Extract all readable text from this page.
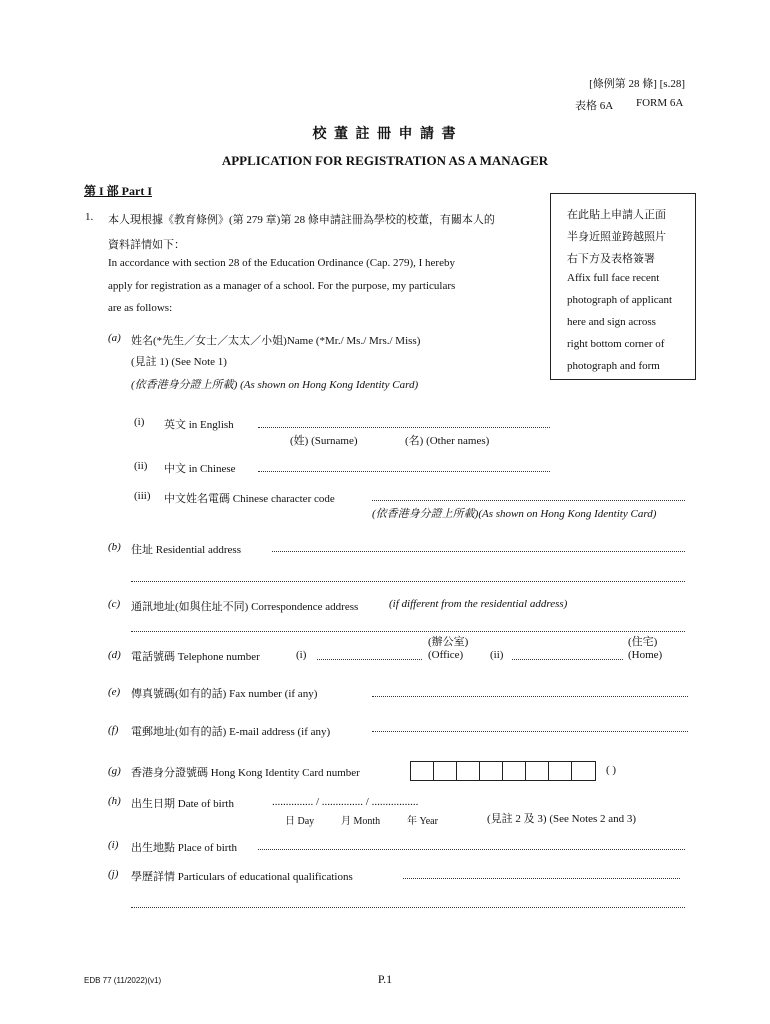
[條例第 28 條] [s.28]
表格 6A FORM 6A
校 董 註 冊 申 請 書
APPLICATION FOR REGISTRATION AS A MANAGER
第 I 部 Part I
1. 本人現根據《教育條例》(第 279 章)第 28 條申請註冊為學校的校董，有關本人的
資料詳情如下：
In accordance with section 28 of the Education Ordinance (Cap. 279), I hereby
apply for registration as a manager of a school. For the purpose, my particulars
are as follows:
在此貼上申請人正面
半身近照並跨越照片
右下方及表格簽署
Affix full face recent
photograph of applicant
here and sign across
right bottom corner of
photograph and form
(a) 姓名(*先生／女士／太太／小姐)Name (*Mr./ Ms./ Mrs./ Miss)
(見註 1) (See Note 1)
(依香港身分證上所載) (As shown on Hong Kong Identity Card)
(i) 英文 in English
(姓) (Surname)	(名) (Other names)
(ii) 中文 in Chinese
(iii) 中文姓名電碼 Chinese character code
(依香港身分證上所載)(As shown on Hong Kong Identity Card)
(b) 住址 Residential address
(c) 通訊地址(如與住址不同) Correspondence address	(if different from the residential address)
(辦公室)	(住宅)
(d) 電話號碼 Telephone number	(i)	(Office) (ii)	(Home)
(e) 傳真號碼(如有的話) Fax number (if any)
(f) 電郵地址(如有的話) E-mail address (if any)
(g) 香港身分證號碼 Hong Kong Identity Card number	( )
(h) 出生日期 Date of birth	............... / ............... / .................
日 Day	月 Month	年 Year	(見註 2 及 3) (See Notes 2 and 3)
(i) 出生地點 Place of birth
(j) 學歷詳情 Particulars of educational qualifications
EDB 77 (11/2022)(v1)	P.1
